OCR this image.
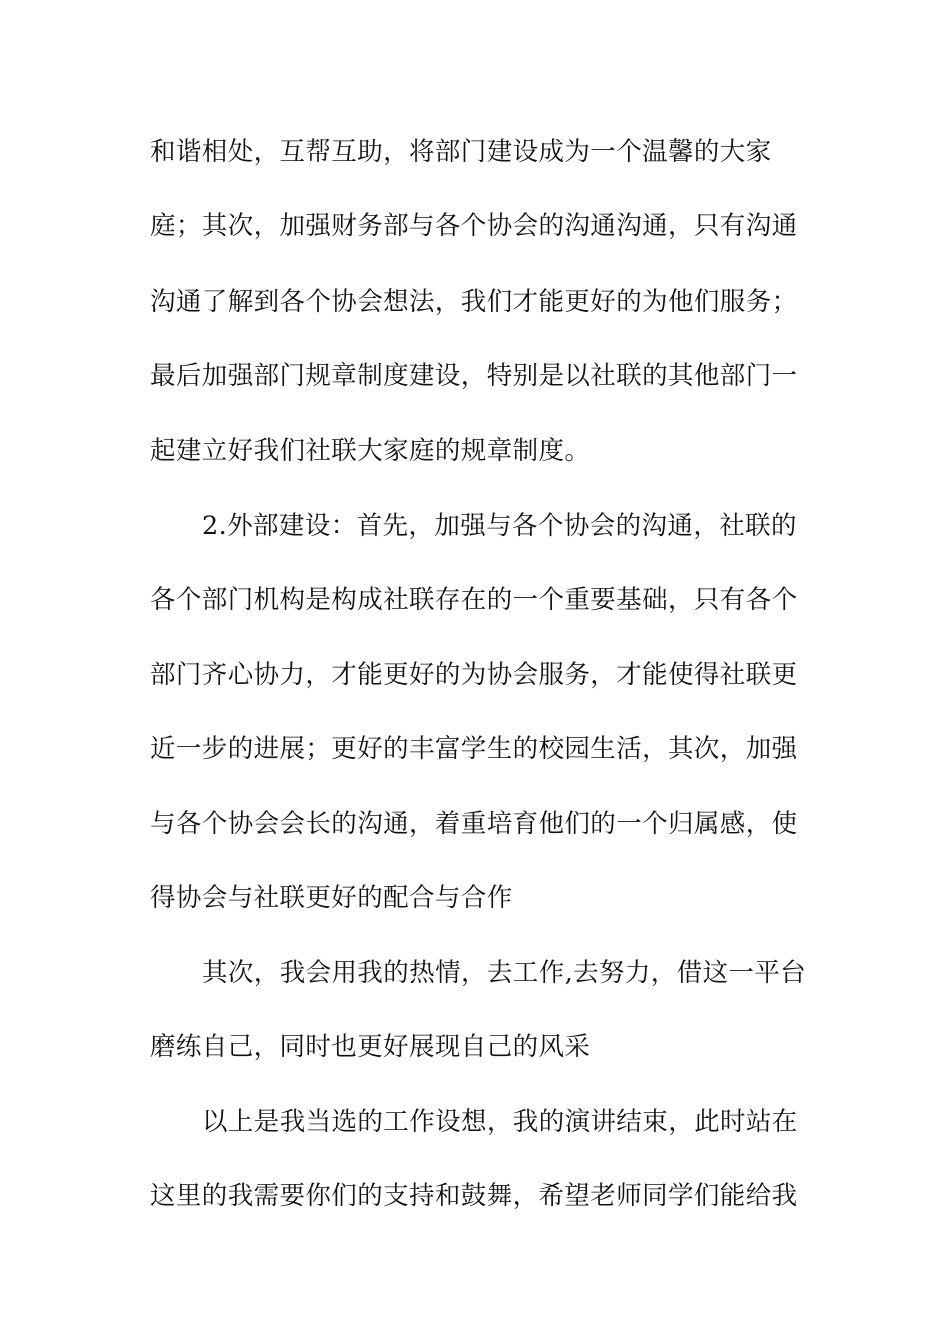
和谐相处，互帮互助，将部门建设成为一个温馨的大家
庭；其次，加强财务部与各个协会的沟通沟通，只有沟通
沟通了解到各个协会想法，我们才能更好的为他们服务；
最后加强部门规章制度建设，特别是以社联的其他部门一
起建立好我们社联大家庭的规章制度。
2.外部建设：首先，加强与各个协会的沟通，社联的
各个部门机构是构成社联存在的一个重要基础，只有各个
部门齐心协力，才能更好的为协会服务，才能使得社联更
近一步的进展；更好的丰富学生的校园生活，其次，加强
与各个协会会长的沟通，着重培育他们的一个归属感，使
得协会与社联更好的配合与合作
其次，我会用我的热情，去工作,去努力，借这一平台
磨练自己，同时也更好展现自己的风采
以上是我当选的工作设想，我的演讲结束，此时站在
这里的我需要你们的支持和鼓舞，希望老师同学们能给我
